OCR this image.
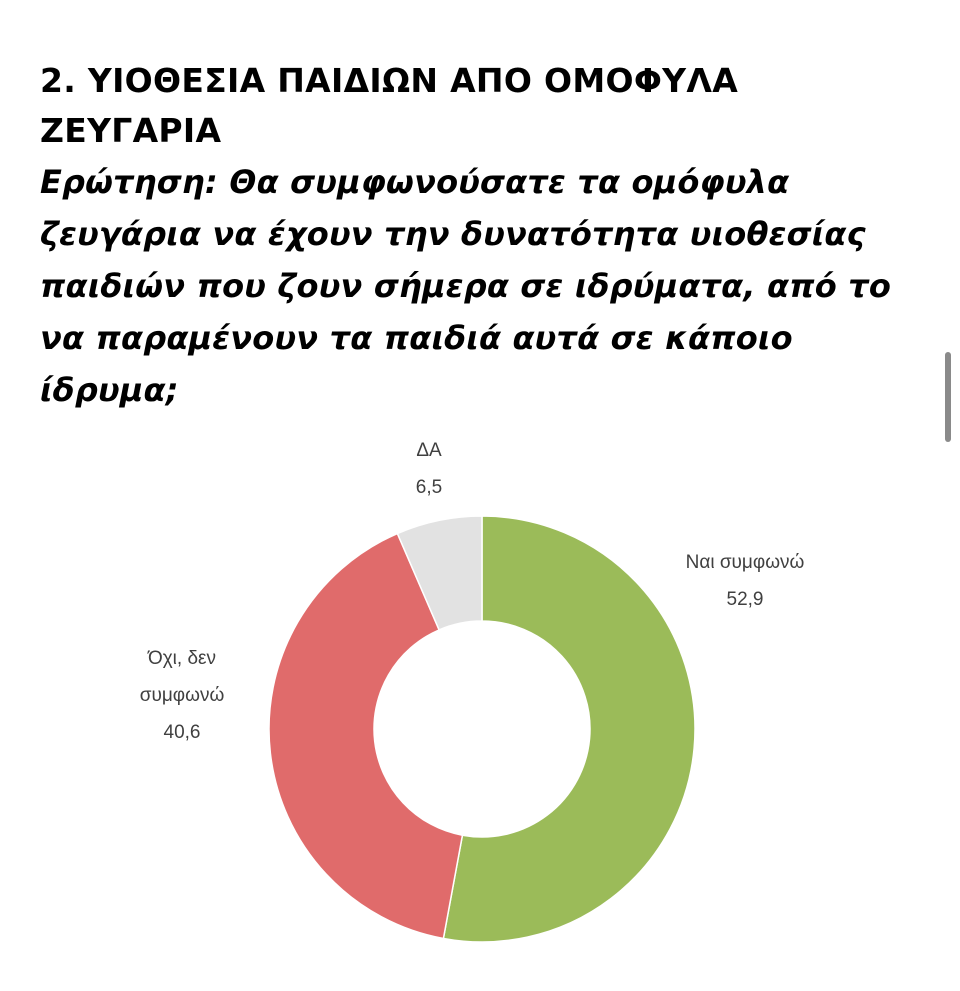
2. ΥΙΟΘΕΣΙΑ ΠΑΙΔΙΩΝ ΑΠΟ ΟΜΟΦΥΛΑ
ΖΕΥΓΑΡΙΑ
Ερώτηση: Θα συμφωνούσατε τα ομόφυλα
ζευγάρια να έχουν την δυνατότητα υιοθεσίας
παιδιών που ζουν σήμερα σε ιδρύματα, από το
να παραμένουν τα παιδιά αυτά σε κάποιο
ίδρυμα;
Ναι συμφωνώ
52,9
Όχι, δεν
συμφωνώ
40,6
ΔΑ
6,5
